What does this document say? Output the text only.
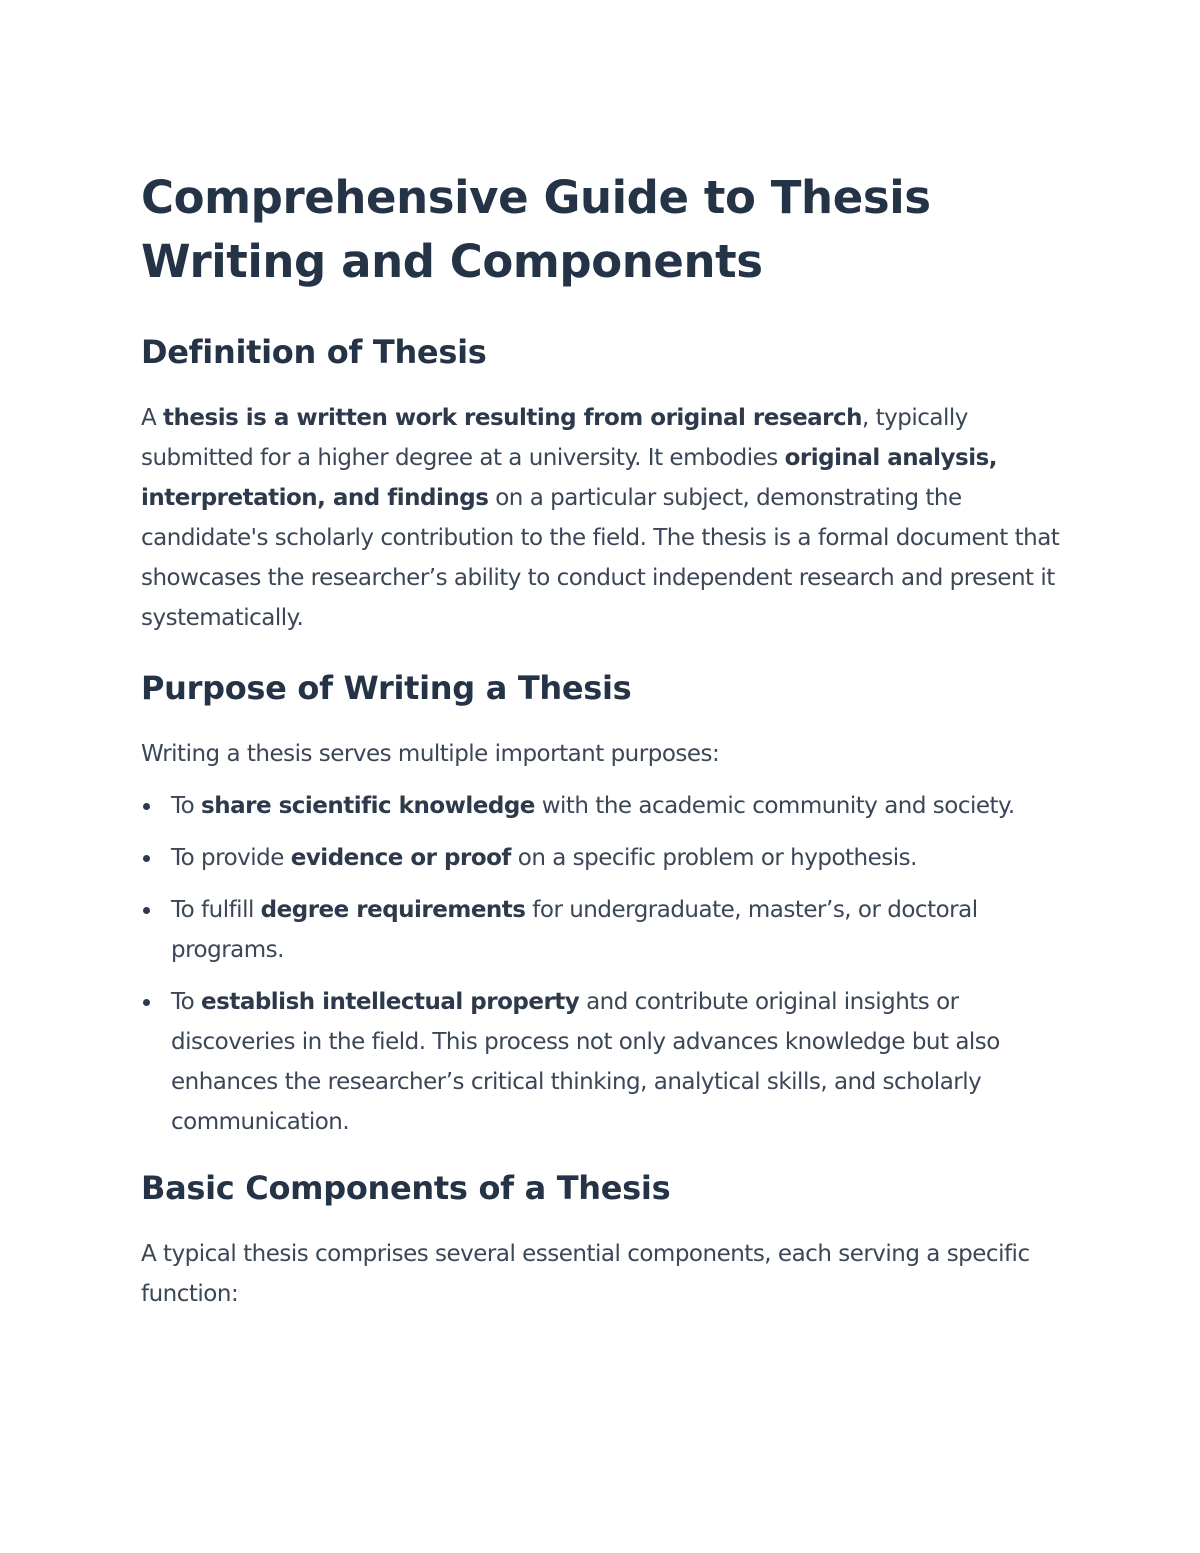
Comprehensive Guide to Thesis Writing and Components
Definition of Thesis

A thesis is a written work resulting from original research, typically submitted for a higher degree at a university. It embodies original analysis, interpretation, and findings on a particular subject, demonstrating the candidate's scholarly contribution to the field. The thesis is a formal document that showcases the researcher’s ability to conduct independent research and present it systematically.

Purpose of Writing a Thesis

Writing a thesis serves multiple important purposes:

To share scientific knowledge with the academic community and society.
To provide evidence or proof on a specific problem or hypothesis.
To fulfill degree requirements for undergraduate, master’s, or doctoral programs.
To establish intellectual property and contribute original insights or discoveries in the field. This process not only advances knowledge but also enhances the researcher’s critical thinking, analytical skills, and scholarly communication.
Basic Components of a Thesis

A typical thesis comprises several essential components, each serving a specific function:
